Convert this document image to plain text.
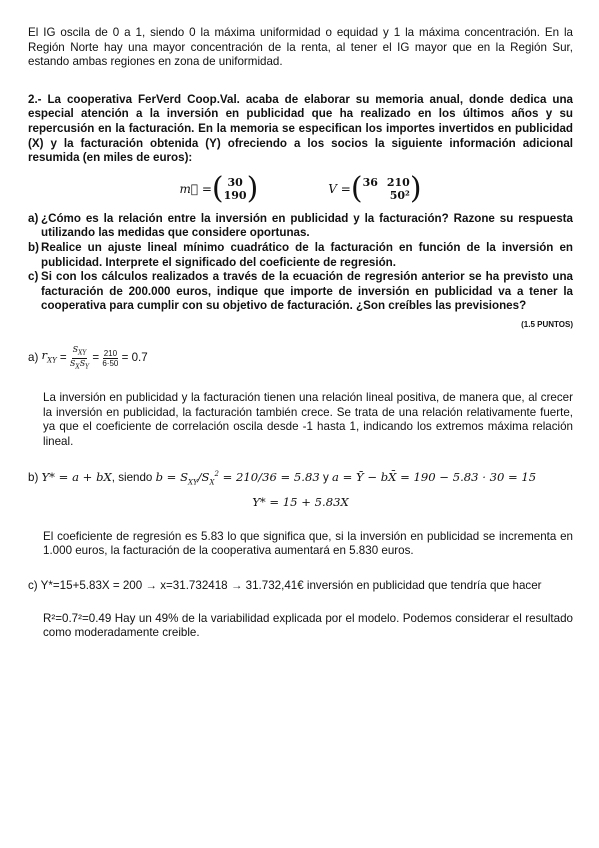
El IG oscila de 0 a 1, siendo 0 la máxima uniformidad o equidad y 1 la máxima concentración. En la Región Norte hay una mayor concentración de la renta, al tener el IG mayor que en la Región Sur, estando ambas regiones en zona de uniformidad.

2.- La cooperativa FerVerd Coop.Val. acaba de elaborar su memoria anual, donde dedica una especial atención a la inversión en publicidad que ha realizado en los últimos años y su repercusión en la facturación. En la memoria se especifican los importes invertidos en publicidad (X) y la facturación obtenida (Y) ofreciendo a los socios la siguiente información adicional resumida (en miles de euros):

m⃗ = ( 30
190 )	V = ( 36 210
50² )
a) ¿Cómo es la relación entre la inversión en publicidad y la facturación? Razone su respuesta utilizando las medidas que considere oportunas.
b) Realice un ajuste lineal mínimo cuadrático de la facturación en función de la inversión en publicidad. Interprete el significado del coeficiente de regresión.
c) Si con los cálculos realizados a través de la ecuación de regresión anterior se ha previsto una facturación de 200.000 euros, indique que importe de inversión en publicidad va a tener la cooperativa para cumplir con su objetivo de facturación. ¿Son creíbles las previsiones?

(1.5 PUNTOS)

a)
$r_{XY} = \frac{S_{XY}}{S_XS_Y} = \frac{210}{6\cdot 50}$
= 0.7

La inversión en publicidad y la facturación tienen una relación lineal positiva, de manera que, al crecer la inversión en publicidad, la facturación también crece. Se trata de una relación relativamente fuerte, ya que el coeficiente de correlación oscila desde -1 hasta 1, indicando los extremos máxima relación lineal.

b) Y* = a + bX, siendo $b = S_{XY}/S_X^2 = 210/36 = 5.83$ y a = Ȳ − bX̄ = 190 − 5.83 · 30 = 15

Y* = 15 + 5.83X

El coeficiente de regresión es 5.83 lo que significa que, si la inversión en publicidad se incrementa en 1.000 euros, la facturación de la cooperativa aumentará en 5.830 euros.

c) Y*=15+5.83X = 200 → x=31.732418 → 31.732,41€ inversión en publicidad que tendría que hacer

R²=0.7²=0.49 Hay un 49% de la variabilidad explicada por el modelo. Podemos considerar el resultado como moderadamente creible.
